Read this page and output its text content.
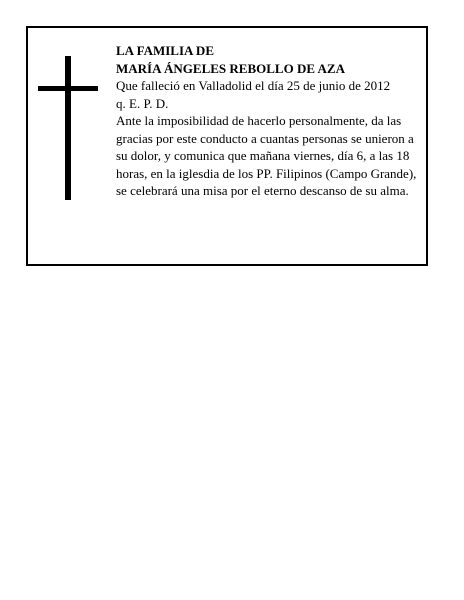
LA FAMILIA DE

MARÍA ÁNGELES REBOLLO DE AZA

Que falleció en Valladolid el día 25 de junio de 2012

q. E. P. D.

Ante la imposibilidad de hacerlo personalmente, da las gracias por este conducto a cuantas personas se unieron a su dolor, y comunica que mañana viernes, día 6, a las 18 horas, en la iglesdia de los PP. Filipinos (Campo Grande), se celebrará una misa por el eterno descanso de su alma.
